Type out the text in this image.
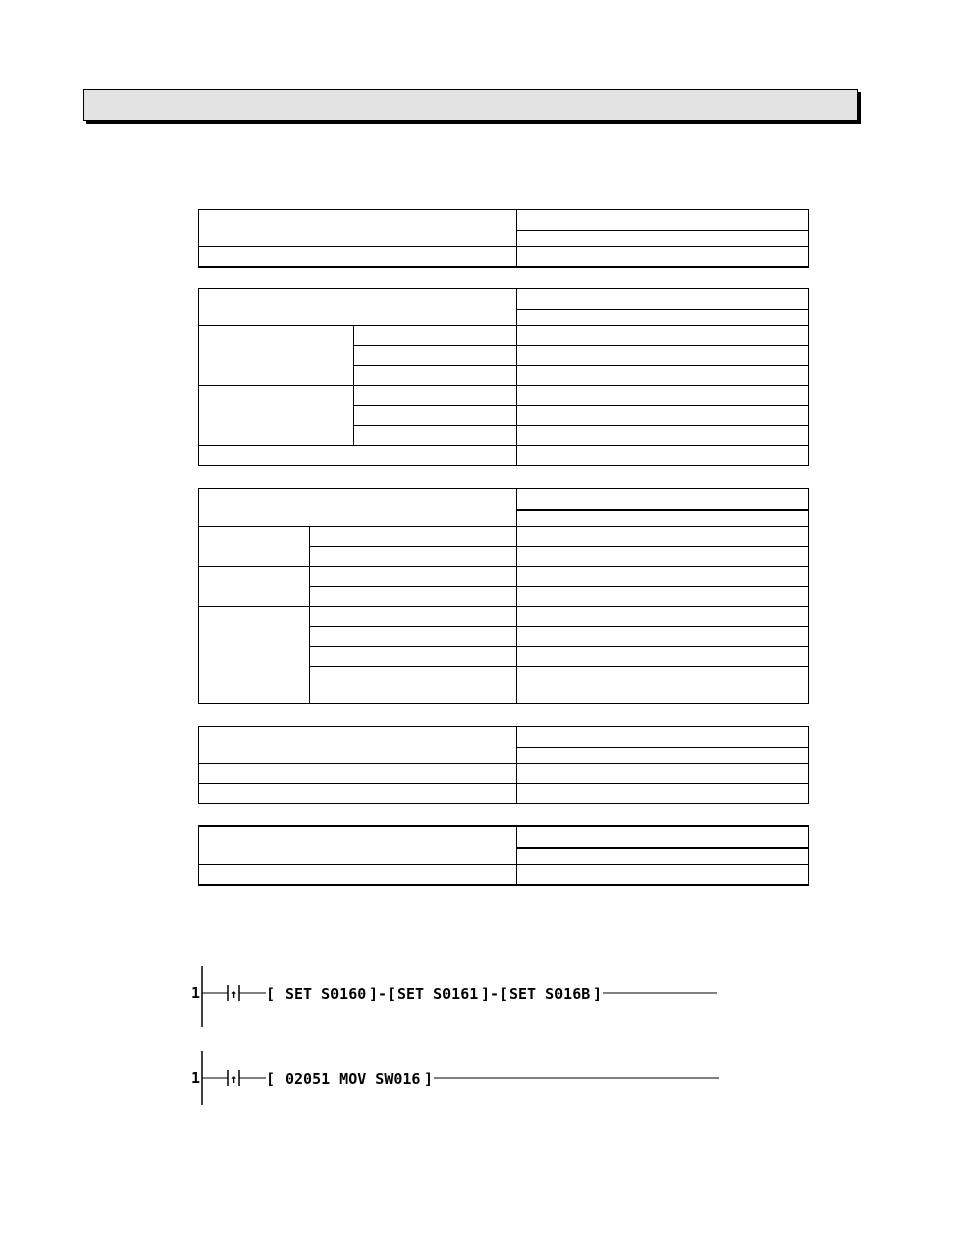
1 ↑ [ SET S0160 ]-[ SET S0161 ]-[ SET S016B ]
1 ↑ [ 02051 MOV SW016 ]
